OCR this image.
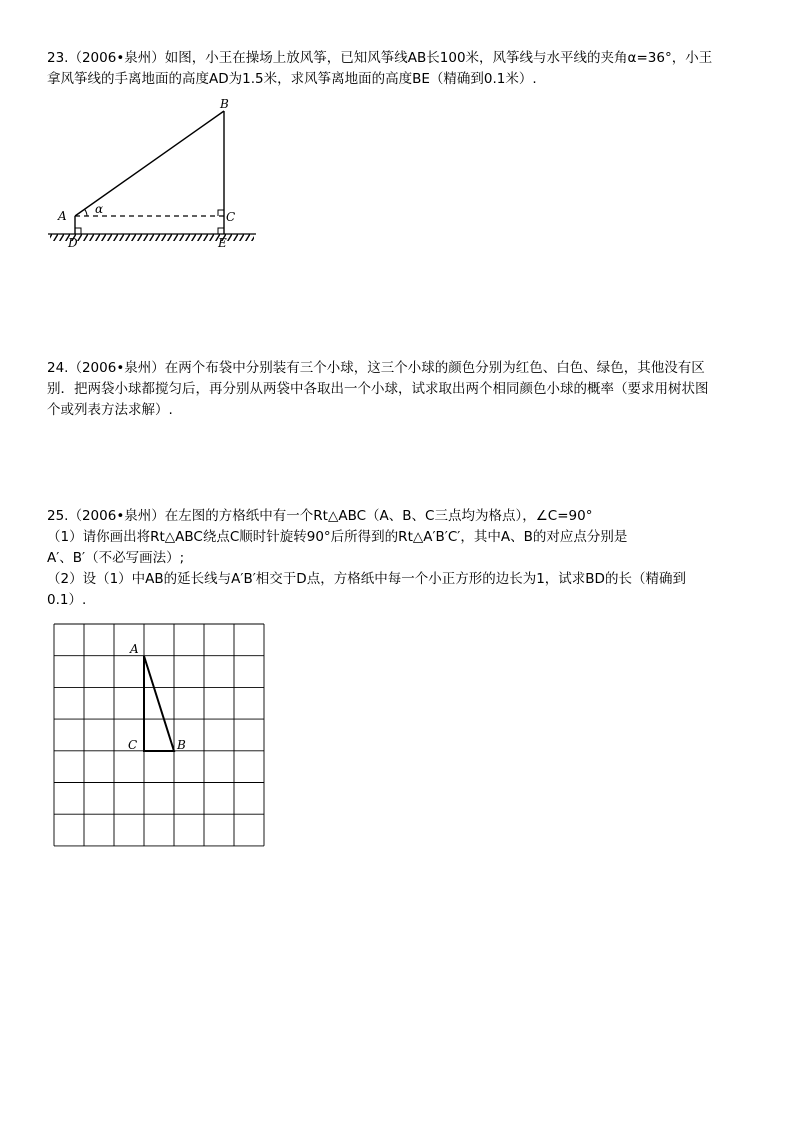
23.（2006•泉州）如图，小王在操场上放风筝，已知风筝线AB长100米，风筝线与水平线的夹角α=36°，小王

拿风筝线的手离地面的高度AD为1.5米，求风筝离地面的高度BE（精确到0.1米）.

B
A	C
D	E
α

24.（2006•泉州）在两个布袋中分别装有三个小球，这三个小球的颜色分别为红色、白色、绿色，其他没有区

别．把两袋小球都搅匀后，再分别从两袋中各取出一个小球，试求取出两个相同颜色小球的概率（要求用树状图

个或列表方法求解）.

25.（2006•泉州）在左图的方格纸中有一个Rt△ABC（A、B、C三点均为格点），∠C=90°

（1）请你画出将Rt△ABC绕点C顺时针旋转90°后所得到的Rt△A′B′C′，其中A、B的对应点分别是

A′、B′（不必写画法）;

（2）设（1）中AB的延长线与A′B′相交于D点，方格纸中每一个小正方形的边长为1，试求BD的长（精确到

0.1）.

A
C	B
